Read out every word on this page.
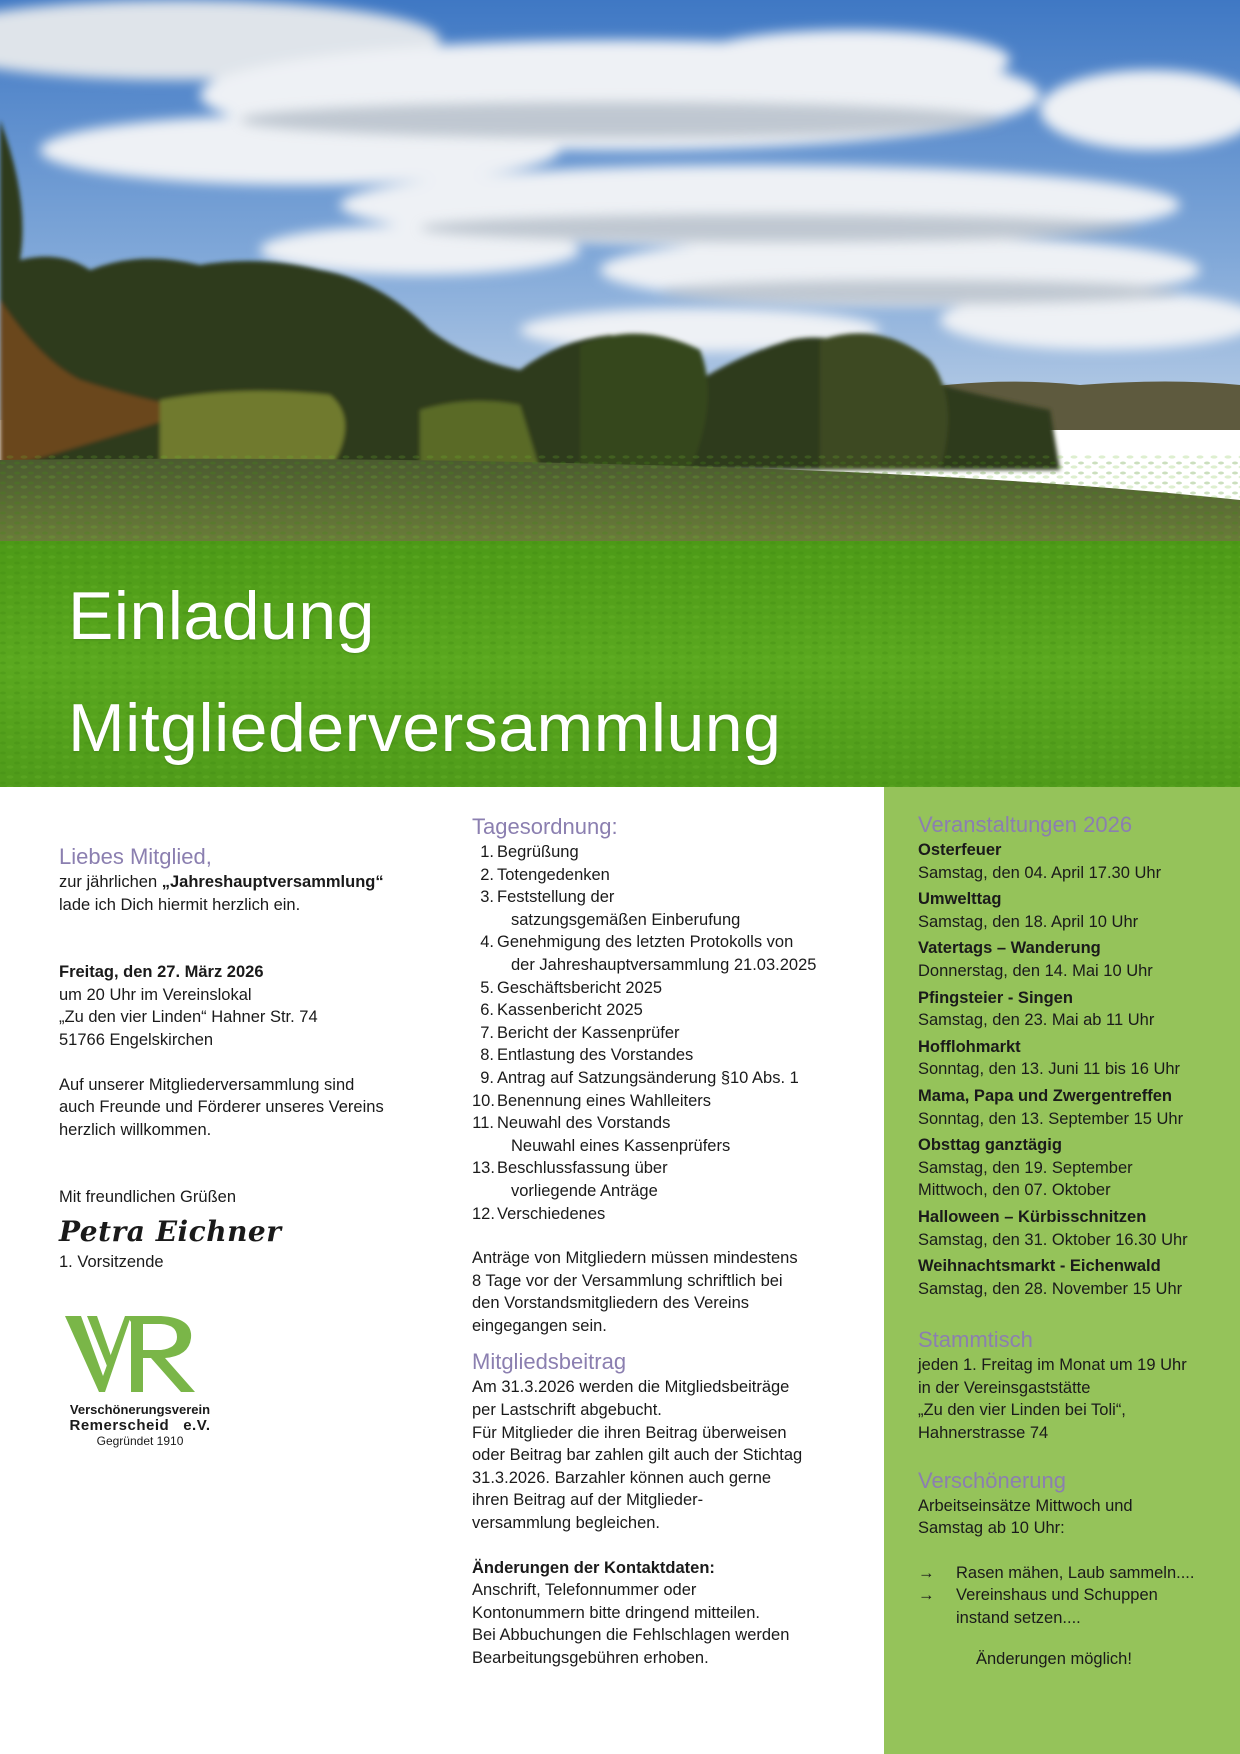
Einladung
Mitgliederversammlung
Liebes Mitglied,
zur jährlichen „Jahreshauptversammlung“
lade ich Dich hiermit herzlich ein.
Freitag, den 27. März 2026
um 20 Uhr im Vereinslokal
„Zu den vier Linden“ Hahner Str. 74
51766 Engelskirchen
Auf unserer Mitgliederversammlung sind
auch Freunde und Förderer unseres Vereins
herzlich willkommen.
Mit freundlichen Grüßen
Petra Eichner
1. Vorsitzende
Verschönerungsverein
Remerscheid   e.V.
Gegründet 1910
Tagesordnung:
1. Begrüßung
2. Totengedenken
3. Feststellung der
satzungsgemäßen Einberufung
4. Genehmigung des letzten Protokolls von
der Jahreshauptversammlung 21.03.2025
5. Geschäftsbericht 2025
6. Kassenbericht 2025
7. Bericht der Kassenprüfer
8. Entlastung des Vorstandes
9. Antrag auf Satzungsänderung §10 Abs. 1
10. Benennung eines Wahlleiters
11. Neuwahl des Vorstands
Neuwahl eines Kassenprüfers
13. Beschlussfassung über
vorliegende Anträge
12. Verschiedenes
Anträge von Mitgliedern müssen mindestens
8 Tage vor der Versammlung schriftlich bei
den Vorstandsmitgliedern des Vereins
eingegangen sein.
Mitgliedsbeitrag
Am 31.3.2026 werden die Mitgliedsbeiträge
per Lastschrift abgebucht.
Für Mitglieder die ihren Beitrag überweisen
oder Beitrag bar zahlen gilt auch der Stichtag
31.3.2026. Barzahler können auch gerne
ihren Beitrag auf der Mitglieder-
versammlung begleichen.
Änderungen der Kontaktdaten:
Anschrift, Telefonnummer oder
Kontonummern bitte dringend mitteilen.
Bei Abbuchungen die Fehlschlagen werden
Bearbeitungsgebühren erhoben.
Veranstaltungen 2026
Osterfeuer
Samstag, den 04. April 17.30 Uhr
Umwelttag
Samstag, den 18. April 10 Uhr
Vatertags – Wanderung
Donnerstag, den 14. Mai 10 Uhr
Pfingsteier - Singen
Samstag, den 23. Mai ab 11 Uhr
Hofflohmarkt
Sonntag, den 13. Juni 11 bis 16 Uhr
Mama, Papa und Zwergentreffen
Sonntag, den 13. September 15 Uhr
Obsttag ganztägig
Samstag, den 19. September
Mittwoch, den 07. Oktober
Halloween – Kürbisschnitzen
Samstag, den 31. Oktober 16.30 Uhr
Weihnachtsmarkt - Eichenwald
Samstag, den 28. November 15 Uhr
Stammtisch
jeden 1. Freitag im Monat um 19 Uhr
in der Vereinsgaststätte
„Zu den vier Linden bei Toli“,
Hahnerstrasse 74
Verschönerung
Arbeitseinsätze Mittwoch und
Samstag ab 10 Uhr:
→	Rasen mähen, Laub sammeln....
→	Vereinshaus und Schuppen
instand setzen....
Änderungen möglich!
